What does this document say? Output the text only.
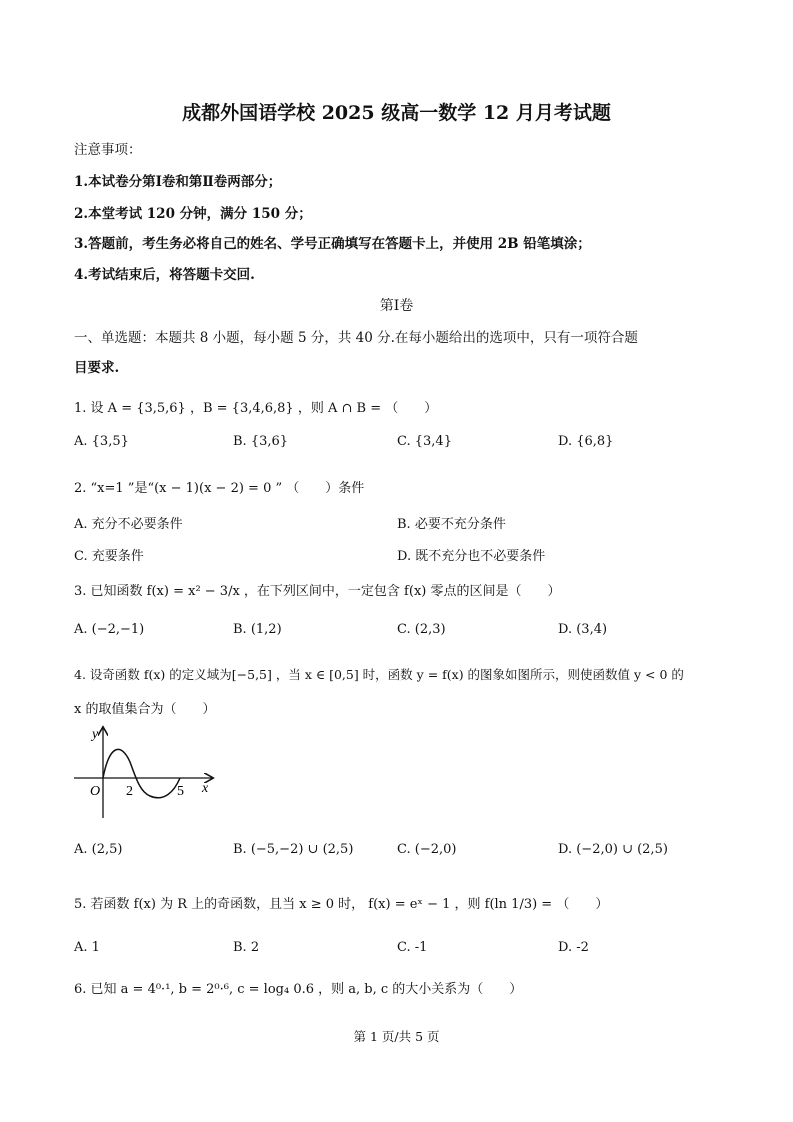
成都外国语学校 2025 级高一数学 12 月月考试题
注意事项：
1.本试卷分第Ⅰ卷和第Ⅱ卷两部分；
2.本堂考试 120 分钟，满分 150 分；
3.答题前，考生务必将自己的姓名、学号正确填写在答题卡上，并使用 2B 铅笔填涂；
4.考试结束后，将答题卡交回.
第Ⅰ卷
一、单选题：本题共 8 小题，每小题 5 分，共 40 分.在每小题给出的选项中，只有一项符合题
目要求.
1. 设 A = {3,5,6} ，B = {3,4,6,8} ，则 A ∩ B = （　　）
A. {3,5}	B. {3,6}	C. {3,4}	D. {6,8}
2. “x=1 ”是“(x − 1)(x − 2) = 0 ” （　　）条件
A. 充分不必要条件	B. 必要不充分条件
C. 充要条件	D. 既不充分也不必要条件
3. 已知函数 f(x) = x² − 3/x ，在下列区间中，一定包含 f(x) 零点的区间是（　　）
A. (−2,−1)	B. (1,2)	C. (2,3)	D. (3,4)
4. 设奇函数 f(x) 的定义域为[−5,5] ，当 x ∈ [0,5] 时，函数 y = f(x) 的图象如图所示，则使函数值 y < 0 的
x 的取值集合为（　　）
y
x
O 2	5
A. (2,5)	B. (−5,−2) ∪ (2,5)	C. (−2,0)	D. (−2,0) ∪ (2,5)
5. 若函数 f(x) 为 R 上的奇函数，且当 x ≥ 0 时， f(x) = eˣ − 1 ，则 f(ln 1/3) = （　　）
A. 1	B. 2	C. -1	D. -2
6. 已知 a = 4⁰·¹, b = 2⁰·⁶, c = log₄ 0.6 ，则 a, b, c 的大小关系为（　　）
第 1 页/共 5 页
